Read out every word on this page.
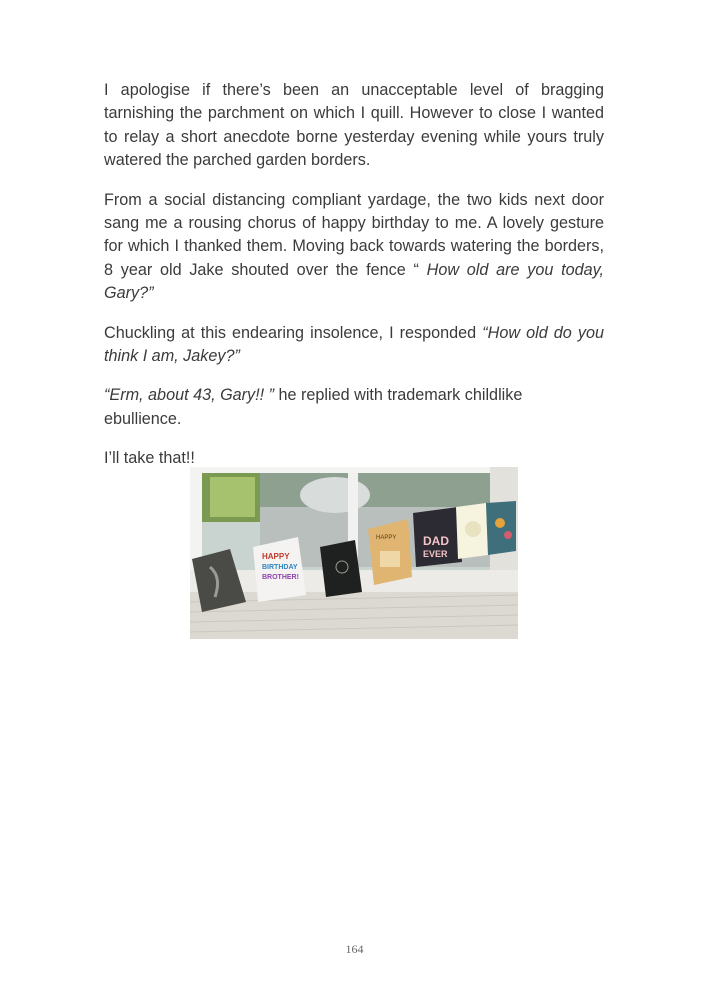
I apologise if there’s been an unacceptable level of bragging tarnishing the parchment on which I quill. However to close I wanted to relay a short anecdote borne yesterday evening while yours truly watered the parched garden borders.

From a social distancing compliant yardage, the two kids next door sang me a rousing chorus of happy birthday to me. A lovely gesture for which I thanked them. Moving back towards watering the borders, 8 year old Jake shouted over the fence “ How old are you today, Gary?”

Chuckling at this endearing insolence, I responded “How old do you think I am, Jakey?”

“Erm, about 43, Gary!! ” he replied with trademark childlike ebullience.

I’ll take that!!

HAPPY
BIRTHDAY
BROTHER!
HAPPY DAD
EVER
164
